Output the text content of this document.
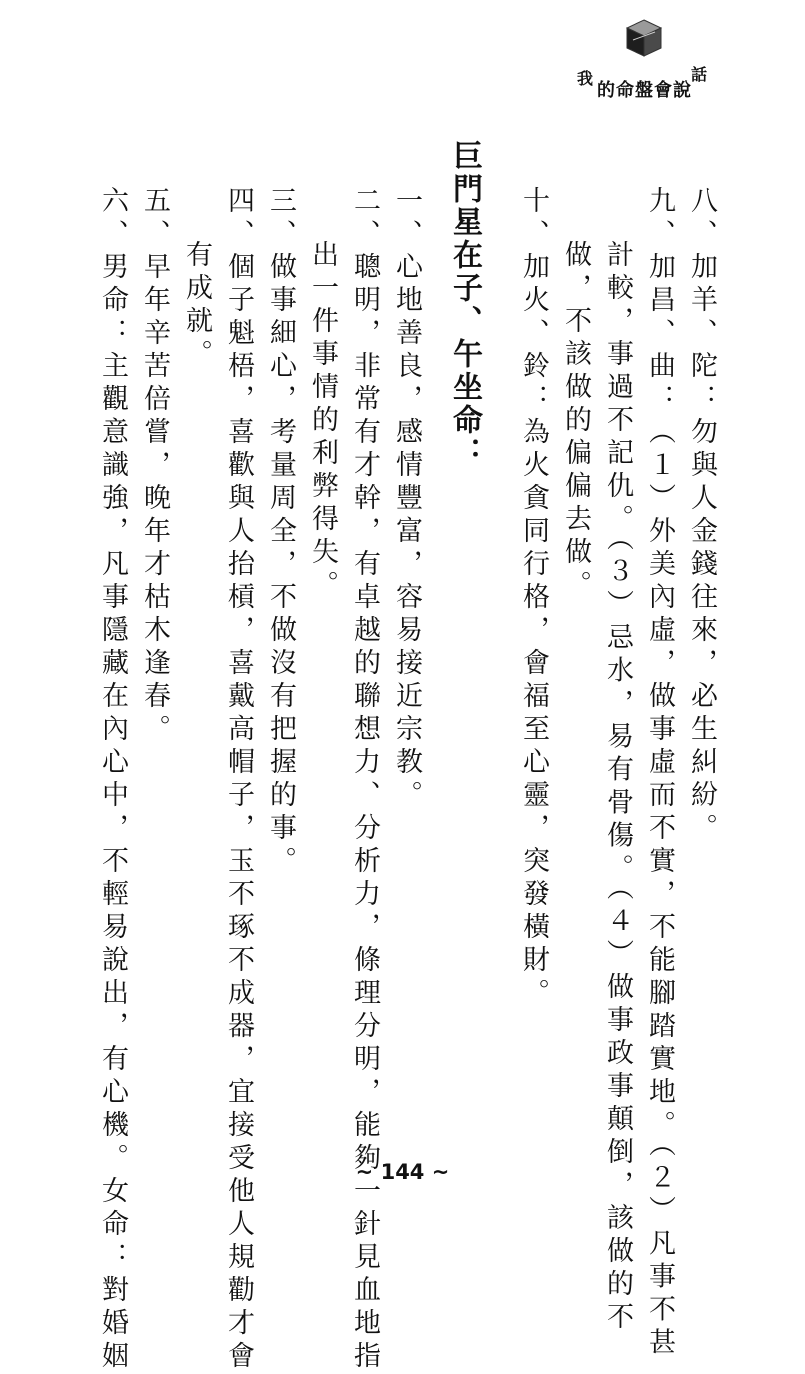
我
的命盤會說
話
八、加羊、陀：勿與人金錢往來，必生糾紛。
九、加昌、曲：（１）外美內虛，做事虛而不實，不能腳踏實地。（２）凡事不甚
計較，事過不記仇。（３）忌水，易有骨傷。（４）做事政事顛倒，該做的不
做，不該做的偏偏去做。
十、加火、鈴：為火貪同行格，會福至心靈，突發橫財。
巨門星在子、午坐命：
一、心地善良，感情豐富，容易接近宗教。
二、聰明，非常有才幹，有卓越的聯想力、分析力，條理分明，能夠一針見血地指
出一件事情的利弊得失。
三、做事細心，考量周全，不做沒有把握的事。
四、個子魁梧，喜歡與人抬槓，喜戴高帽子，玉不琢不成器，宜接受他人規勸才會
有成就。
五、早年辛苦倍嘗，晚年才枯木逢春。
六、男命：主觀意識強，凡事隱藏在內心中，不輕易說出，有心機。女命：對婚姻	~ 144 ~
